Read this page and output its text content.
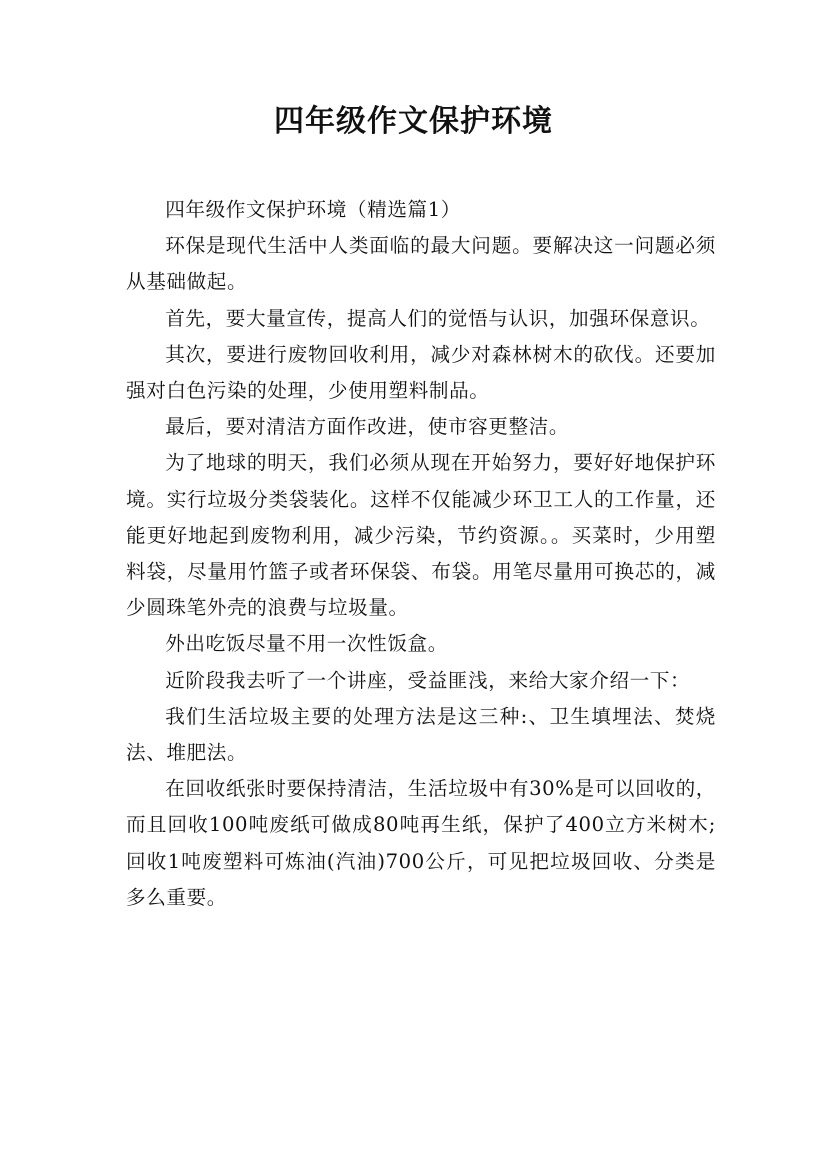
四年级作文保护环境

四年级作文保护环境（精选篇1）

环保是现代生活中人类面临的最大问题。要解决这一问题必须从基础做起。

首先，要大量宣传，提高人们的觉悟与认识，加强环保意识。

其次，要进行废物回收利用，减少对森林树木的砍伐。还要加强对白色污染的处理，少使用塑料制品。

最后，要对清洁方面作改进，使市容更整洁。

为了地球的明天，我们必须从现在开始努力，要好好地保护环境。实行垃圾分类袋装化。这样不仅能减少环卫工人的工作量，还能更好地起到废物利用，减少污染，节约资源。。买菜时，少用塑料袋，尽量用竹篮子或者环保袋、布袋。用笔尽量用可换芯的，减少圆珠笔外壳的浪费与垃圾量。

外出吃饭尽量不用一次性饭盒。

近阶段我去听了一个讲座，受益匪浅，来给大家介绍一下：

我们生活垃圾主要的处理方法是这三种:、卫生填埋法、焚烧法、堆肥法。

在回收纸张时要保持清洁，生活垃圾中有30%是可以回收的，而且回收100吨废纸可做成80吨再生纸，保护了400立方米树木;回收1吨废塑料可炼油(汽油)700公斤，可见把垃圾回收、分类是多么重要。
